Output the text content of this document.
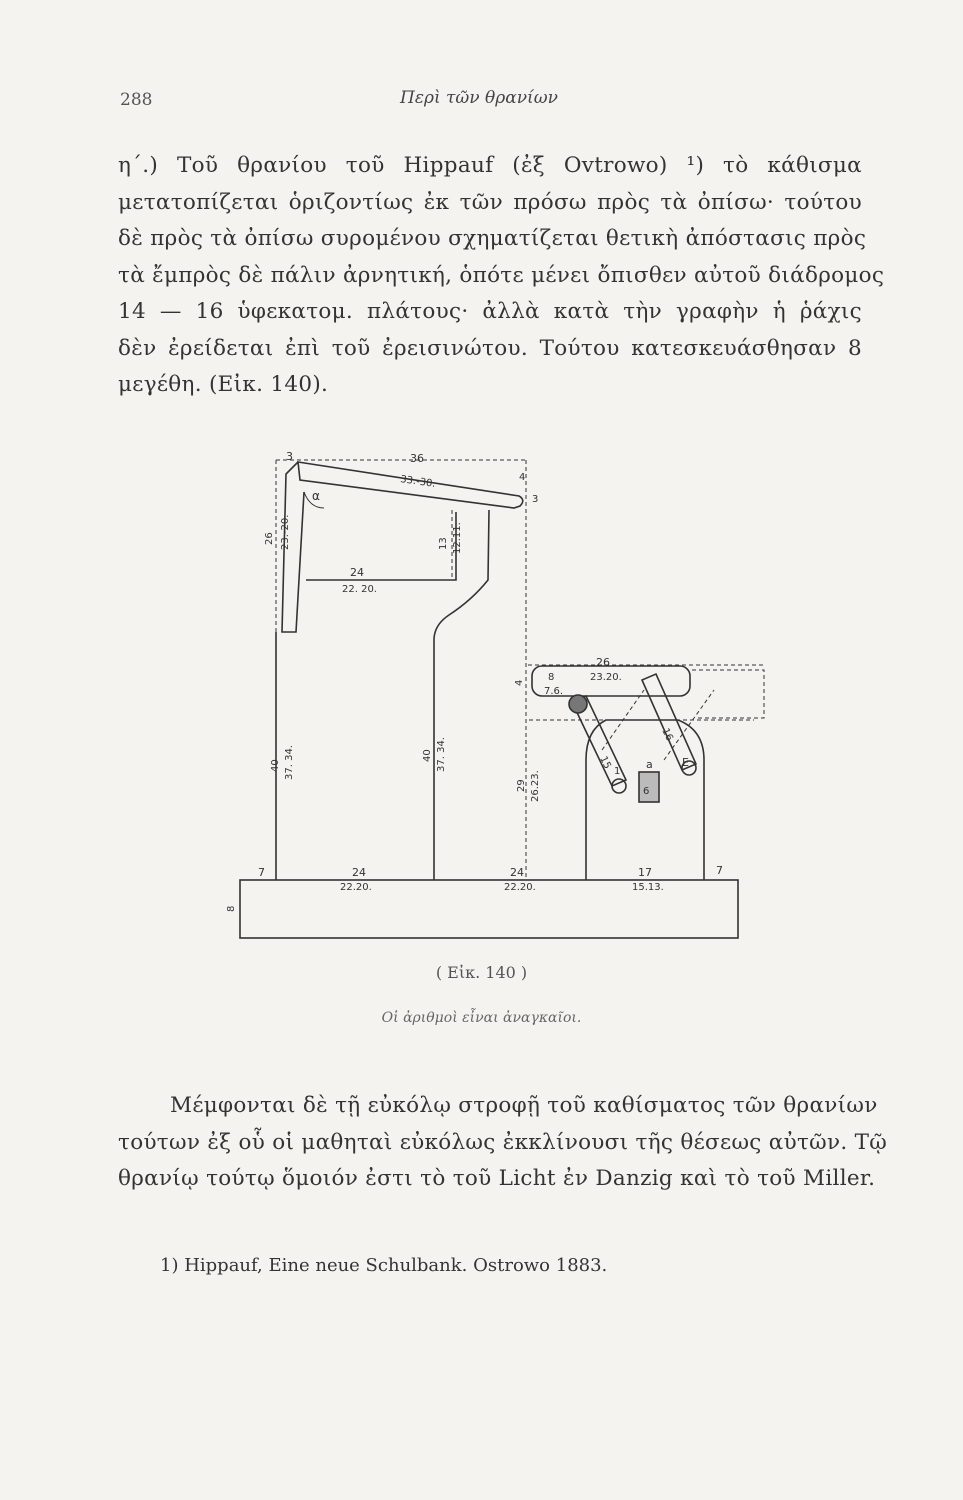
288	Περὶ τῶν θρανίων
η΄.) Τοῦ θρανίου τοῦ Hippauf (ἐξ Ovtrowo) ¹) τὸ κάθισμα
μετατοπίζεται ὁριζοντίως ἐκ τῶν πρόσω πρὸς τὰ ὀπίσω· τούτου
δὲ πρὸς τὰ ὀπίσω συρομένου σχηματίζεται θετικὴ ἀπόστασις πρὸς
τὰ ἔμπρὸς δὲ πάλιν ἀρνητική, ὁπότε μένει ὄπισθεν αὐτοῦ διάδρομος
14 — 16 ὑφεκατομ. πλάτους· ἀλλὰ κατὰ τὴν γραφὴν ἡ ῥάχις
δὲν ἐρείδεται ἐπὶ τοῦ ἐρεισινώτου. Τούτου κατεσκευάσθησαν 8
μεγέθη. (Εἰκ. 140).
3	36
33.-30.	4
3
α
26 23.-20.	13 12.11.
24
22. 20.
40 37. 34.	40 37. 34.
26
23.20.
4 8
7.6.
29 26.23.
15
16
1
a	E
6
7	24
22.20.
24
22.20.
17
15.13.
7
8
( Εἰκ. 140 )
Οἱ ἀριθμοὶ εἶναι ἀναγκαῖοι.
Μέμφονται δὲ τῇ εὐκόλῳ στροφῇ τοῦ καθίσματος τῶν θρανίων
τούτων ἐξ οὗ οἱ μαθηταὶ εὐκόλως ἐκκλίνουσι τῆς θέσεως αὐτῶν. Τῷ
θρανίῳ τούτῳ ὅμοιόν ἐστι τὸ τοῦ Licht ἐν Danzig καὶ τὸ τοῦ Miller.
1) Hippauf, Eine neue Schulbank. Ostrowo 1883.
